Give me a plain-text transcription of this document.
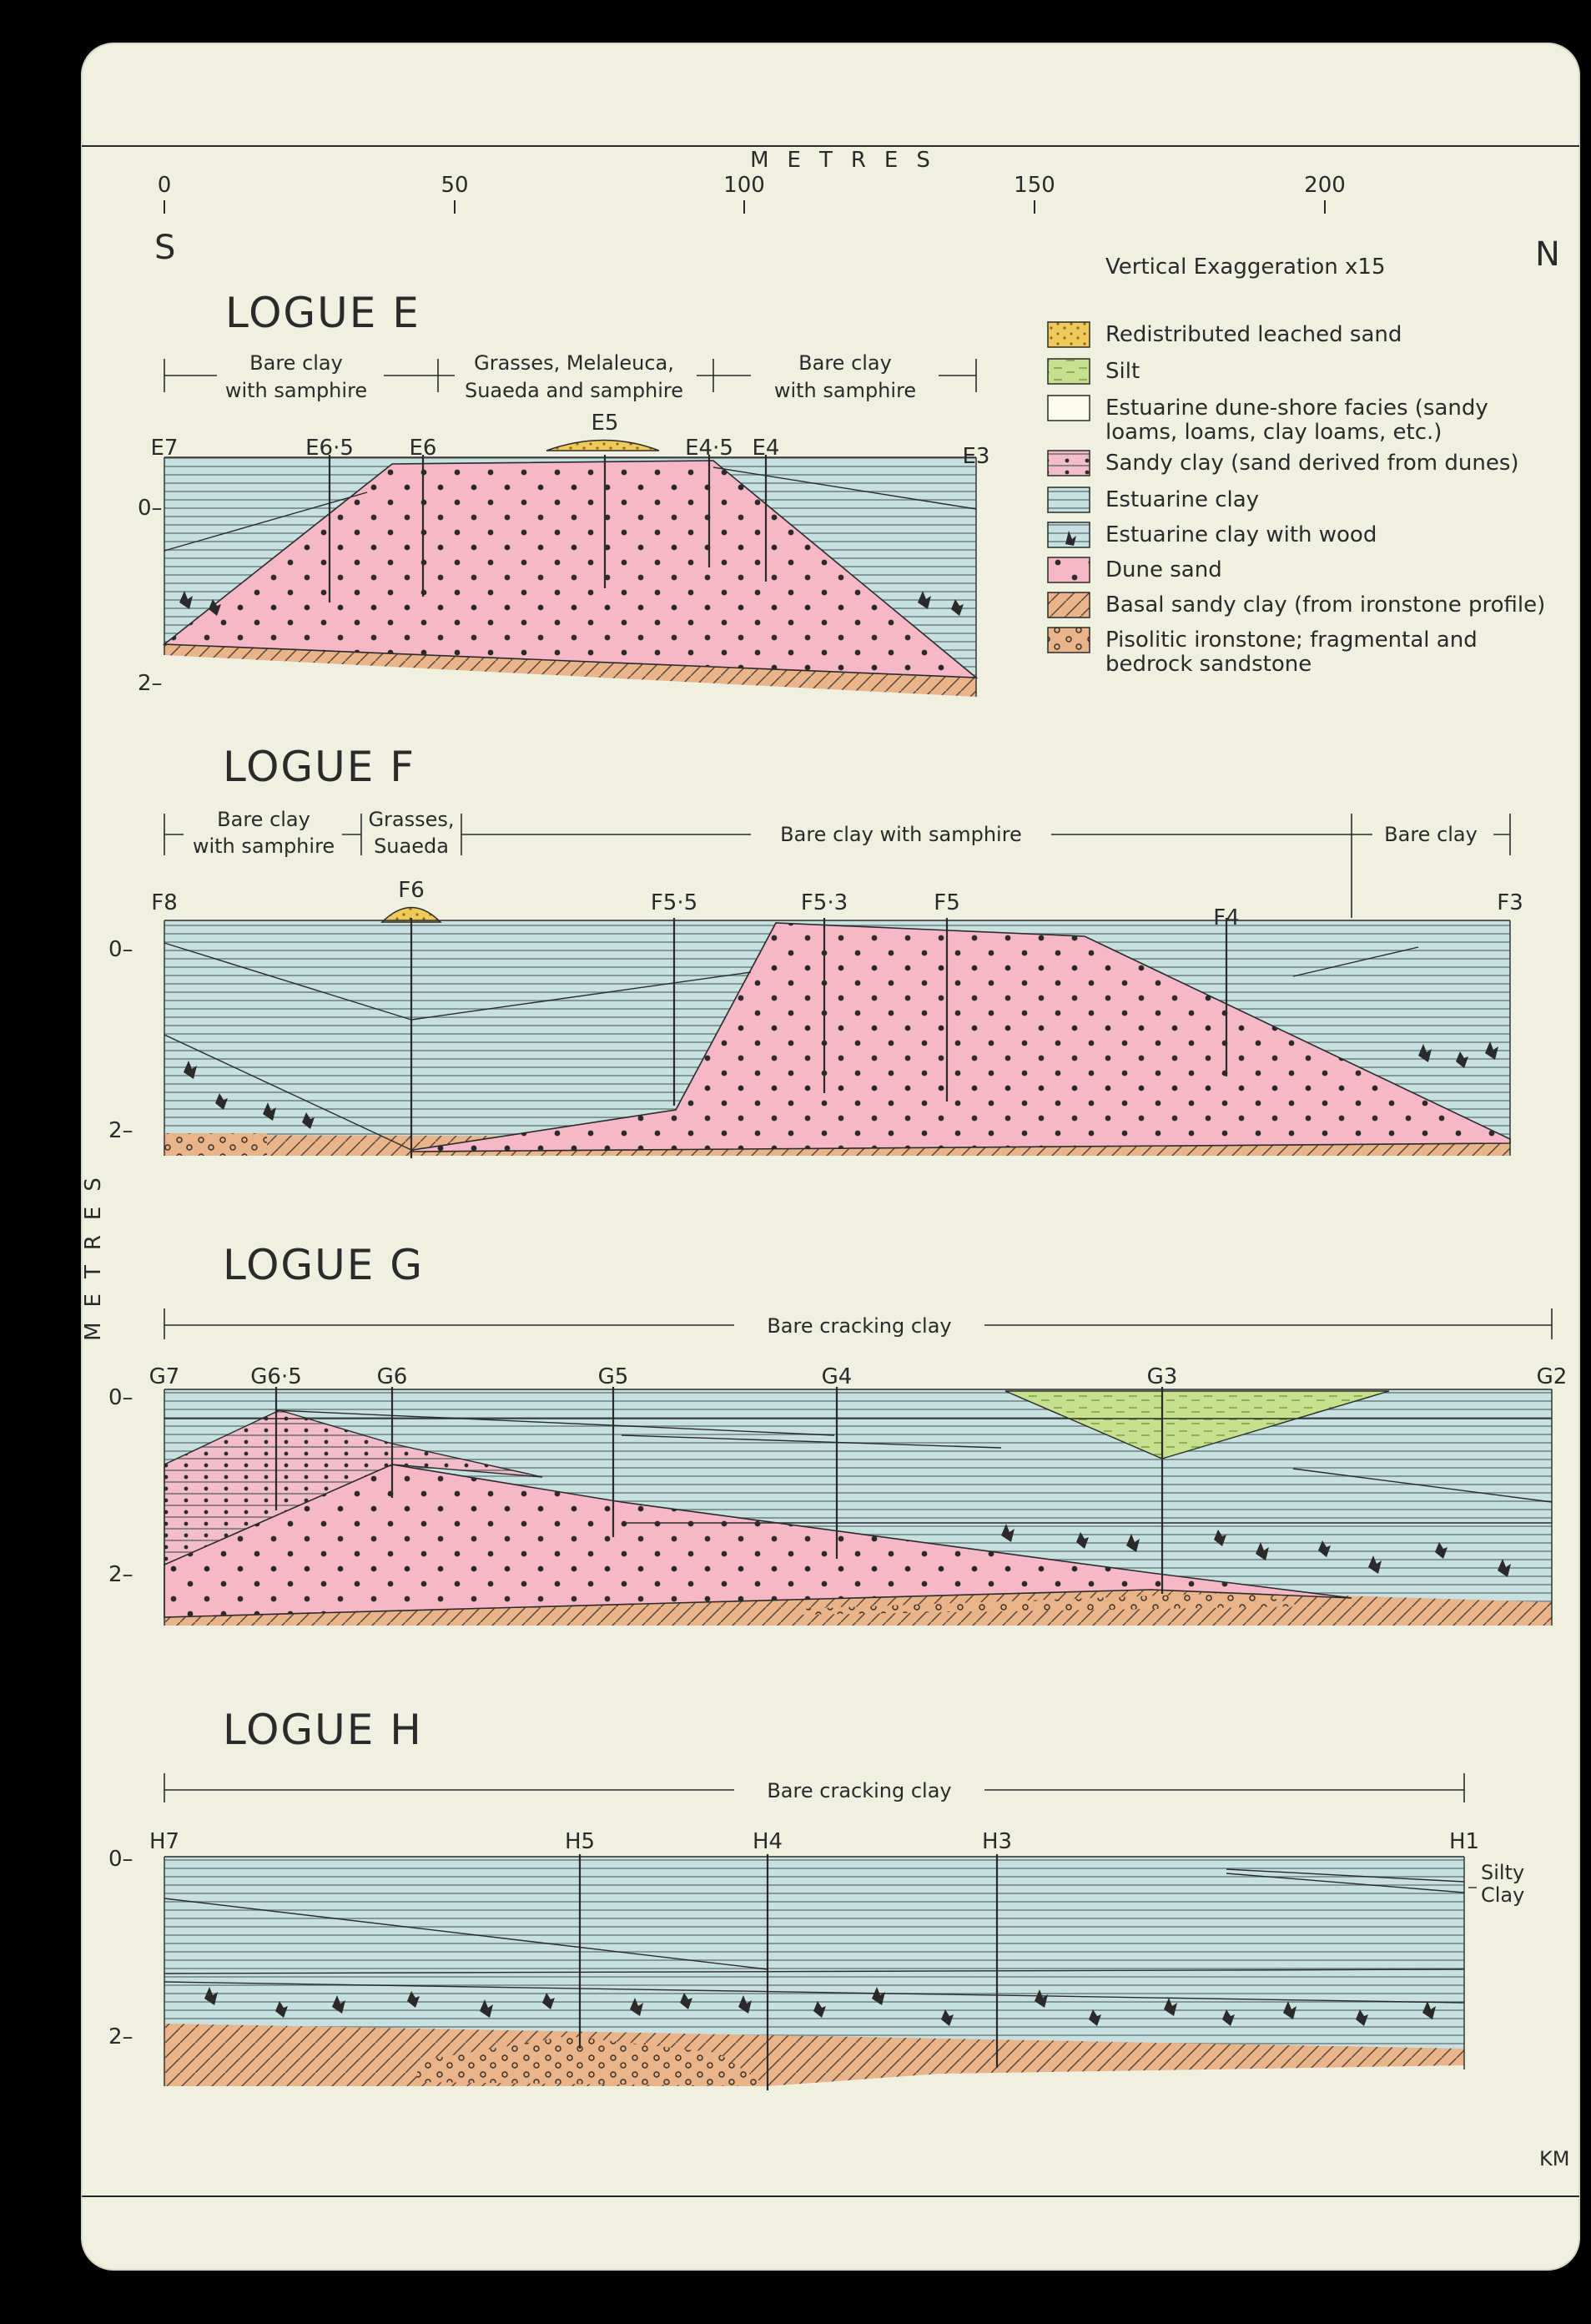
METRES
0	50	100	150	200
S	N
Vertical Exaggeration x15
METRES
Redistributed leached sand
Silt
Estuarine dune-shore facies (sandy
loams, loams, clay loams, etc.)
Sandy clay (sand derived from dunes)
Estuarine clay
Estuarine clay with wood
Dune sand
Basal sandy clay (from ironstone profile)
Pisolitic ironstone; fragmental and
bedrock sandstone
LOGUE E
Bare clay
with samphire
Grasses, Melaleuca,
Suaeda and samphire
Bare clay
with samphire
0–
2–
E7	E6·5	E6
E5
E4·5 E4	E3
LOGUE F
Bare clay
with samphire
Grasses,
Suaeda	Bare clay with samphire	Bare clay
0–
2–
F8	F6	F5·5	F5·3	F5
F4
F3
LOGUE G
Bare cracking clay
0–
2–
G7	G6·5	G6	G5	G4	G3	G2
LOGUE H
Bare cracking clay
0–
2–
Silty
Clay
H7	H5	H4	H3	H1
KM
